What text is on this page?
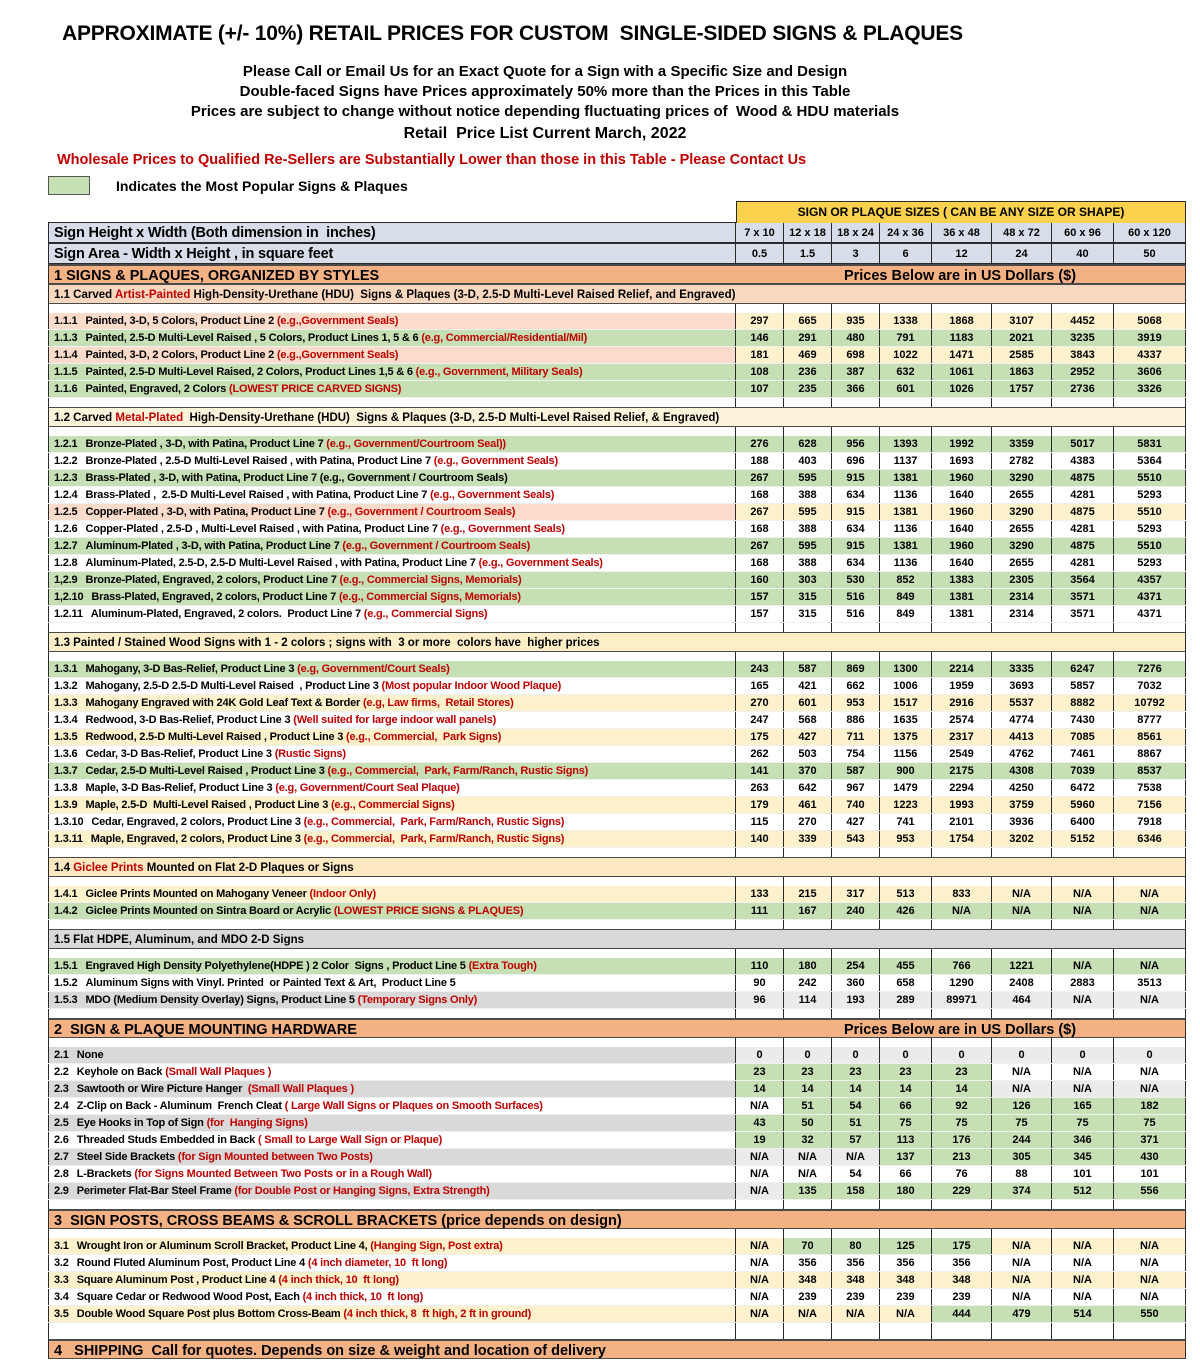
APPROXIMATE (+/- 10%) RETAIL PRICES FOR CUSTOM  SINGLE-SIDED SIGNS & PLAQUES
Please Call or Email Us for an Exact Quote for a Sign with a Specific Size and Design
Double-faced Signs have Prices approximately 50% more than the Prices in this Table
Prices are subject to change without notice depending fluctuating prices of  Wood & HDU materials
Retail  Price List Current March, 2022
Wholesale Prices to Qualified Re-Sellers are Substantially Lower than those in this Table - Please Contact Us
Indicates the Most Popular Signs & Plaques
SIGN OR PLAQUE SIZES ( CAN BE ANY SIZE OR SHAPE)
Sign Height x Width (Both dimension in  inches)	7 x 10	12 x 18	18 x 24	24 x 36	36 x 48	48 x 72	60 x 96	60 x 120
Sign Area - Width x Height , in square feet	0.5	1.5	3	6	12	24	40	50
1 SIGNS & PLAQUES, ORGANIZED BY STYLES	Prices Below are in US Dollars ($)
1.1 Carved Artist-Painted High-Density-Urethane (HDU)  Signs & Plaques (3-D, 2.5-D Multi-Level Raised Relief, and Engraved)
1.1.1 Painted, 3-D, 5 Colors, Product Line 2 (e.g.,Government Seals)	297	665	935	1338	1868	3107	4452	5068
1.1.3 Painted, 2.5-D Multi-Level Raised , 5 Colors, Product Lines 1, 5 & 6 (e.g, Commercial/Residential/Mil)	146	291	480	791	1183	2021	3235	3919
1.1.4 Painted, 3-D, 2 Colors, Product Line 2 (e.g.,Government Seals)	181	469	698	1022	1471	2585	3843	4337
1.1.5 Painted, 2.5-D Multi-Level Raised, 2 Colors, Product Lines 1,5 & 6 (e.g., Government, Military Seals)	108	236	387	632	1061	1863	2952	3606
1.1.6 Painted, Engraved, 2 Colors (LOWEST PRICE CARVED SIGNS)	107	235	366	601	1026	1757	2736	3326
1.2 Carved Metal-Plated  High-Density-Urethane (HDU)  Signs & Plaques (3-D, 2.5-D Multi-Level Raised Relief, & Engraved)
1.2.1 Bronze-Plated , 3-D, with Patina, Product Line 7 (e.g., Government/Courtroom Seal))	276	628	956	1393	1992	3359	5017	5831
1.2.2 Bronze-Plated , 2.5-D Multi-Level Raised , with Patina, Product Line 7 (e.g., Government Seals)	188	403	696	1137	1693	2782	4383	5364
1.2.3 Brass-Plated , 3-D, with Patina, Product Line 7 (e.g., Government / Courtroom Seals)	267	595	915	1381	1960	3290	4875	5510
1.2.4 Brass-Plated ,  2.5-D Multi-Level Raised , with Patina, Product Line 7 (e.g., Government Seals)	168	388	634	1136	1640	2655	4281	5293
1.2.5 Copper-Plated , 3-D, with Patina, Product Line 7 (e.g., Government / Courtroom Seals)	267	595	915	1381	1960	3290	4875	5510
1.2.6 Copper-Plated , 2.5-D , Multi-Level Raised , with Patina, Product Line 7 (e.g., Government Seals)	168	388	634	1136	1640	2655	4281	5293
1.2.7 Aluminum-Plated , 3-D, with Patina, Product Line 7 (e.g., Government / Courtroom Seals)	267	595	915	1381	1960	3290	4875	5510
1.2.8 Aluminum-Plated, 2.5-D, 2.5-D Multi-Level Raised , with Patina, Product Line 7 (e.g., Government Seals)	168	388	634	1136	1640	2655	4281	5293
1,2.9 Bronze-Plated, Engraved, 2 colors, Product Line 7 (e.g., Commercial Signs, Memorials)	160	303	530	852	1383	2305	3564	4357
1,2.10 Brass-Plated, Engraved, 2 colors, Product Line 7 (e.g., Commercial Signs, Memorials)	157	315	516	849	1381	2314	3571	4371
1.2.11 Aluminum-Plated, Engraved, 2 colors.  Product Line 7 (e.g., Commercial Signs)	157	315	516	849	1381	2314	3571	4371
1.3 Painted / Stained Wood Signs with 1 - 2 colors ; signs with  3 or more  colors have  higher prices
1.3.1 Mahogany, 3-D Bas-Relief, Product Line 3 (e.g, Government/Court Seals)	243	587	869	1300	2214	3335	6247	7276
1.3.2 Mahogany, 2.5-D 2.5-D Multi-Level Raised  , Product Line 3 (Most popular Indoor Wood Plaque)	165	421	662	1006	1959	3693	5857	7032
1.3.3 Mahogany Engraved with 24K Gold Leaf Text & Border (e.g, Law firms,  Retail Stores)	270	601	953	1517	2916	5537	8882	10792
1.3.4 Redwood, 3-D Bas-Relief, Product Line 3 (Well suited for large indoor wall panels)	247	568	886	1635	2574	4774	7430	8777
1.3.5 Redwood, 2.5-D Multi-Level Raised , Product Line 3 (e.g., Commercial,  Park Signs)	175	427	711	1375	2317	4413	7085	8561
1.3.6 Cedar, 3-D Bas-Relief, Product Line 3 (Rustic Signs)	262	503	754	1156	2549	4762	7461	8867
1.3.7 Cedar, 2.5-D Multi-Level Raised , Product Line 3 (e.g., Commercial,  Park, Farm/Ranch, Rustic Signs)	141	370	587	900	2175	4308	7039	8537
1.3.8 Maple, 3-D Bas-Relief, Product Line 3 (e.g, Government/Court Seal Plaque)	263	642	967	1479	2294	4250	6472	7538
1.3.9 Maple, 2.5-D  Multi-Level Raised , Product Line 3 (e.g., Commercial Signs)	179	461	740	1223	1993	3759	5960	7156
1.3.10 Cedar, Engraved, 2 colors, Product Line 3 (e.g., Commercial,  Park, Farm/Ranch, Rustic Signs)	115	270	427	741	2101	3936	6400	7918
1.3.11 Maple, Engraved, 2 colors, Product Line 3 (e.g., Commercial,  Park, Farm/Ranch, Rustic Signs)	140	339	543	953	1754	3202	5152	6346
1.4 Giclee Prints Mounted on Flat 2-D Plaques or Signs
1.4.1 Giclee Prints Mounted on Mahogany Veneer (Indoor Only)	133	215	317	513	833	N/A	N/A	N/A
1.4.2 Giclee Prints Mounted on Sintra Board or Acrylic (LOWEST PRICE SIGNS & PLAQUES)	111	167	240	426	N/A	N/A	N/A	N/A
1.5 Flat HDPE, Aluminum, and MDO 2-D Signs
1.5.1 Engraved High Density Polyethylene(HDPE ) 2 Color  Signs , Product Line 5 (Extra Tough)	110	180	254	455	766	1221	N/A	N/A
1.5.2 Aluminum Signs with Vinyl. Printed  or Painted Text & Art,  Product Line 5	90	242	360	658	1290	2408	2883	3513
1.5.3 MDO (Medium Density Overlay) Signs, Product Line 5 (Temporary Signs Only)	96	114	193	289	89971	464	N/A	N/A
2  SIGN & PLAQUE MOUNTING HARDWARE	Prices Below are in US Dollars ($)
2.1 None	0	0	0	0	0	0	0	0
2.2 Keyhole on Back (Small Wall Plaques )	23	23	23	23	23	N/A	N/A	N/A
2.3 Sawtooth or Wire Picture Hanger  (Small Wall Plaques )	14	14	14	14	14	N/A	N/A	N/A
2.4 Z-Clip on Back - Aluminum  French Cleat ( Large Wall Signs or Plaques on Smooth Surfaces)	N/A	51	54	66	92	126	165	182
2.5 Eye Hooks in Top of Sign (for  Hanging Signs)	43	50	51	75	75	75	75	75
2.6 Threaded Studs Embedded in Back ( Small to Large Wall Sign or Plaque)	19	32	57	113	176	244	346	371
2.7 Steel Side Brackets (for Sign Mounted between Two Posts)	N/A	N/A	N/A	137	213	305	345	430
2.8 L-Brackets (for Signs Mounted Between Two Posts or in a Rough Wall)	N/A	N/A	54	66	76	88	101	101
2.9 Perimeter Flat-Bar Steel Frame (for Double Post or Hanging Signs, Extra Strength)	N/A	135	158	180	229	374	512	556
3  SIGN POSTS, CROSS BEAMS & SCROLL BRACKETS (price depends on design)
3.1 Wrought Iron or Aluminum Scroll Bracket, Product Line 4, (Hanging Sign, Post extra)	N/A	70	80	125	175	N/A	N/A	N/A
3.2 Round Fluted Aluminum Post, Product Line 4 (4 inch diameter, 10  ft long)	N/A	356	356	356	356	N/A	N/A	N/A
3.3 Square Aluminum Post , Product Line 4 (4 inch thick, 10  ft long)	N/A	348	348	348	348	N/A	N/A	N/A
3.4 Square Cedar or Redwood Wood Post, Each (4 inch thick, 10  ft long)	N/A	239	239	239	239	N/A	N/A	N/A
3.5 Double Wood Square Post plus Bottom Cross-Beam (4 inch thick, 8  ft high, 2 ft in ground)	N/A	N/A	N/A	N/A	444	479	514	550
4   SHIPPING  Call for quotes. Depends on size & weight and location of delivery
